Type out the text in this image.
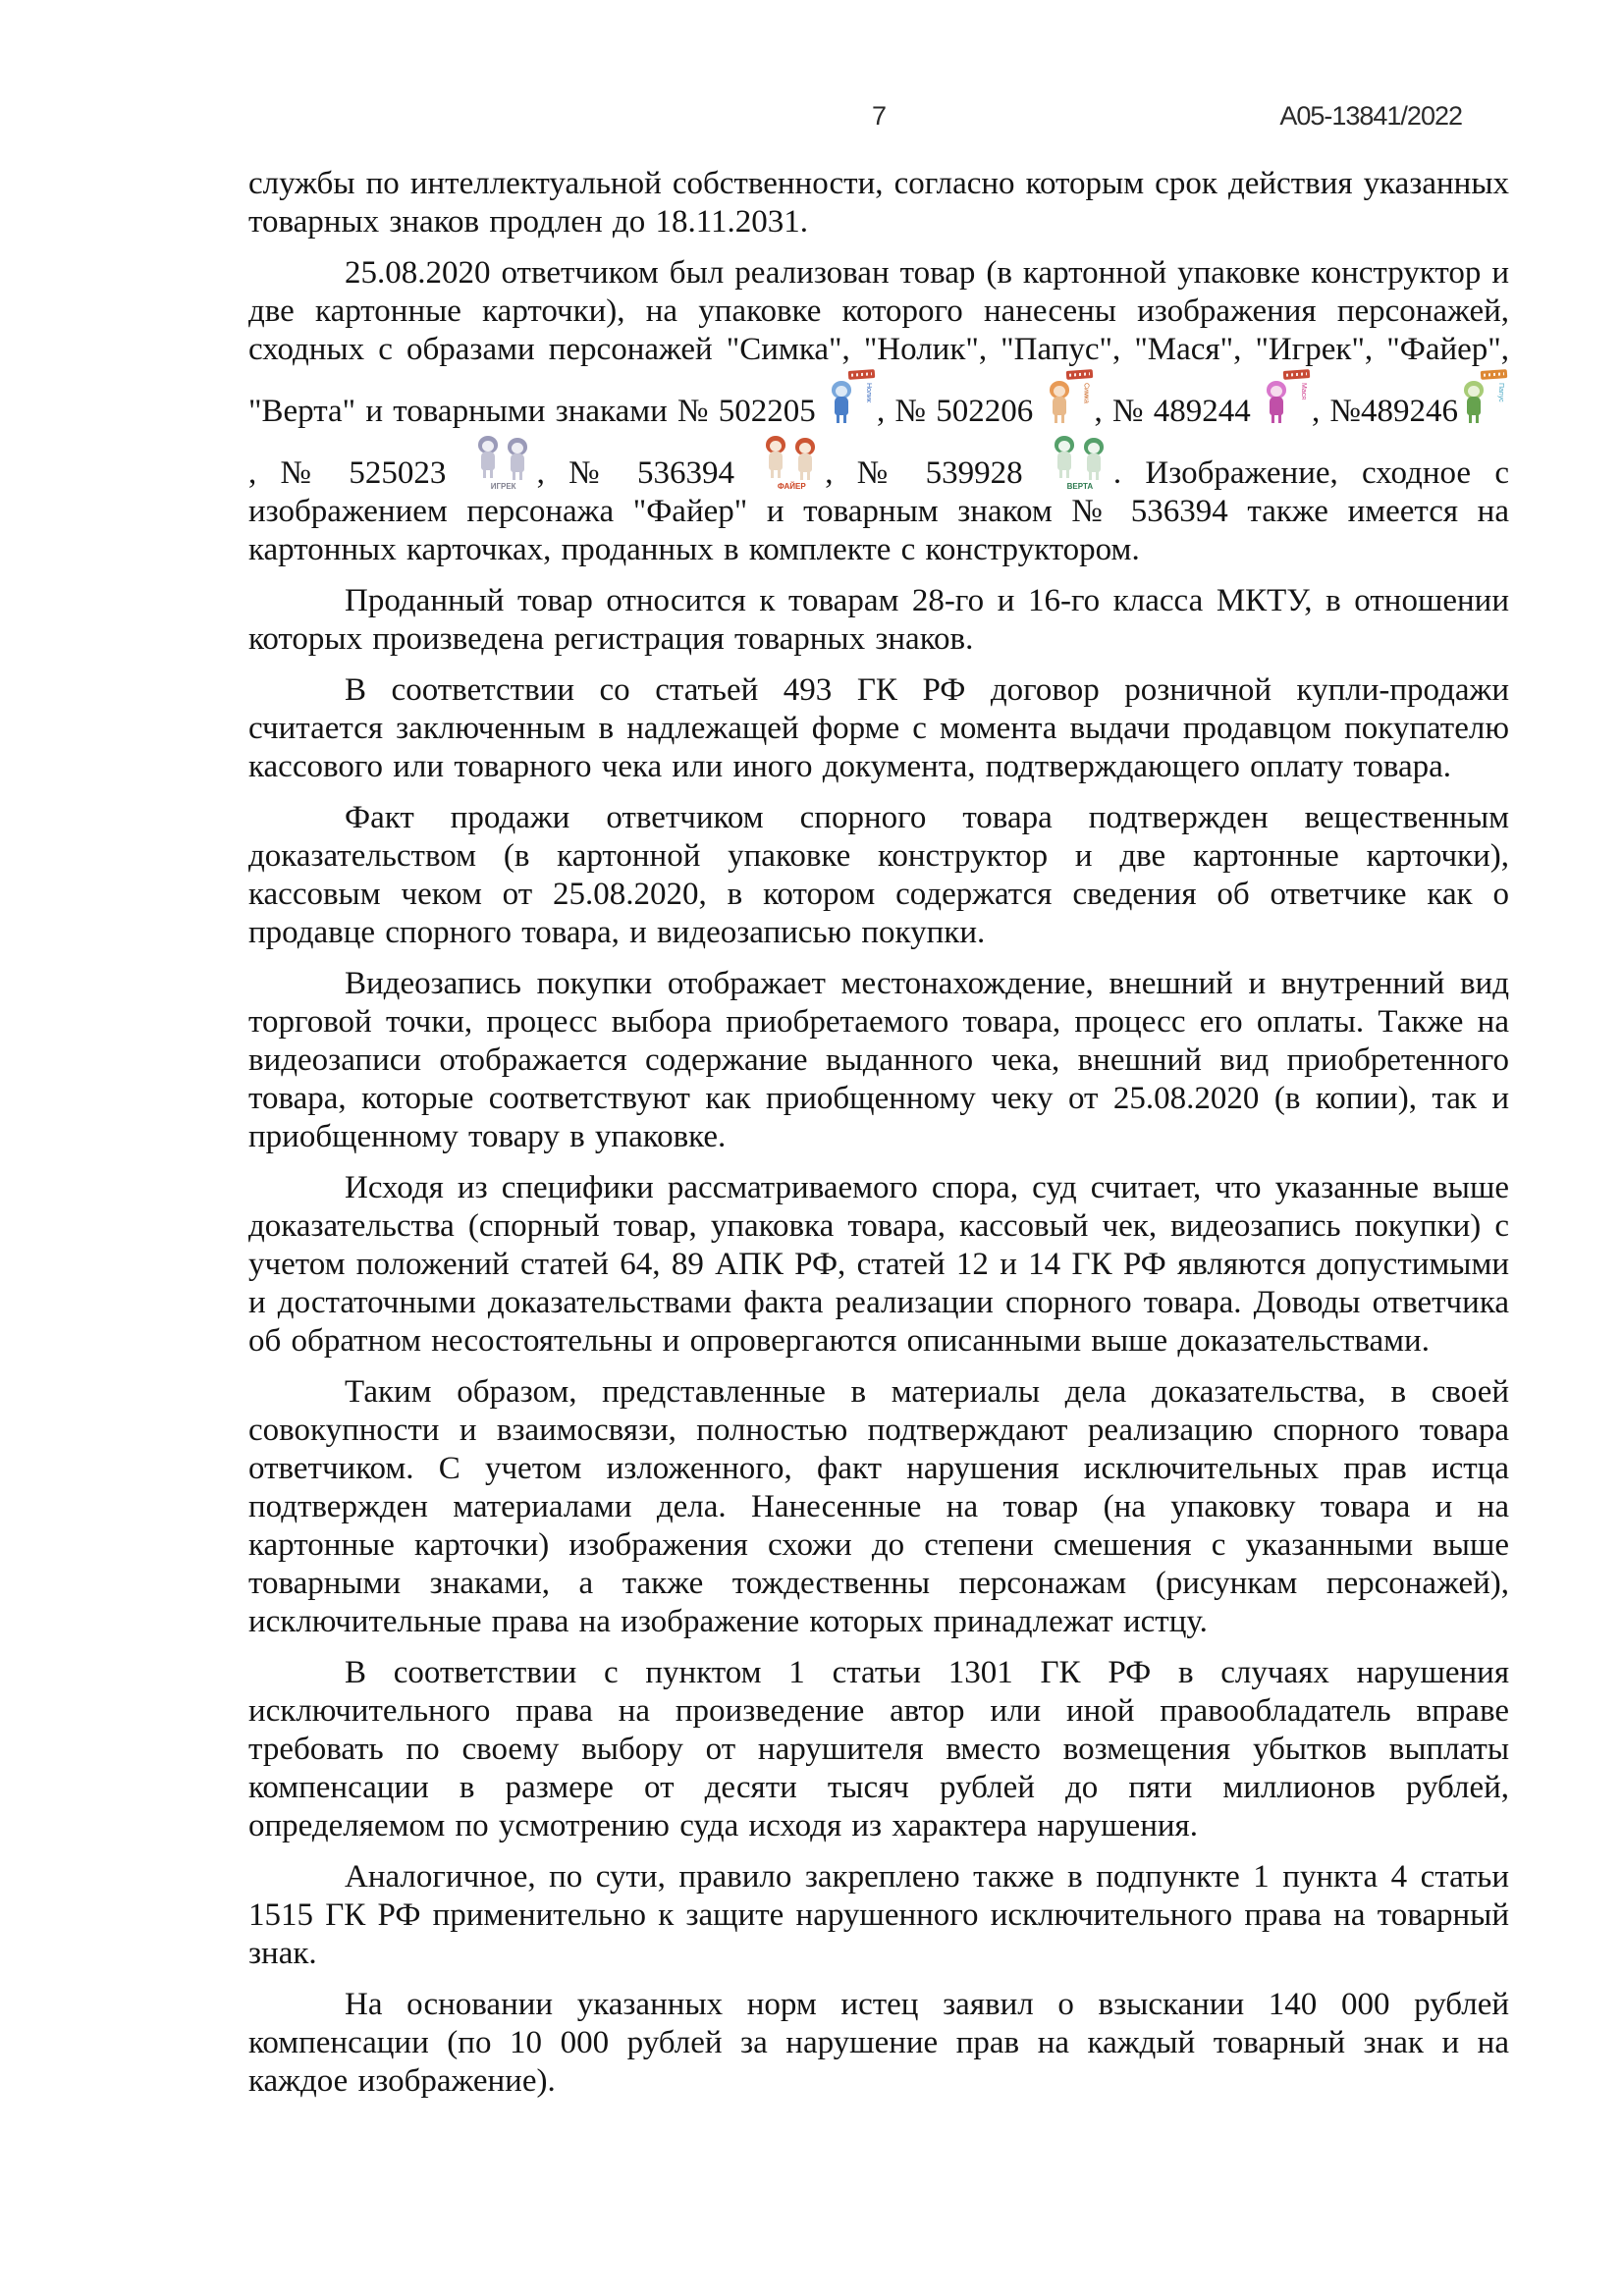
7	А05-13841/2022

службы по интеллектуальной собственности, согласно которым срок действия указанных товарных знаков продлен до 18.11.2031.

25.08.2020 ответчиком был реализован товар (в картонной упаковке конструктор и две картонные карточки), на упаковке которого нанесены изображения персонажей, сходных с образами персонажей "Симка", "Нолик", "Папус", "Мася", "Игрек", "Файер", "Верта" и товарными знаками № 502205
Нолик
, № 502206
Симка
, № 489244
Мася
, №489246
Папус
, № 525023	ИГРЕК , № 536394	ФАЙЕР , № 539928	ВЕРТА . Изображение, сходное с изображением персонажа "Файер" и товарным знаком № 536394 также имеется на картонных карточках, проданных в комплекте с конструктором.

Проданный товар относится к товарам 28-го и 16-го класса МКТУ, в отношении которых произведена регистрация товарных знаков.

В соответствии со статьей 493 ГК РФ договор розничной купли-продажи считается заключенным в надлежащей форме с момента выдачи продавцом покупателю кассового или товарного чека или иного документа, подтверждающего оплату товара.

Факт продажи ответчиком спорного товара подтвержден вещественным доказательством (в картонной упаковке конструктор и две картонные карточки), кассовым чеком от 25.08.2020, в котором содержатся сведения об ответчике как о продавце спорного товара, и видеозаписью покупки.

Видеозапись покупки отображает местонахождение, внешний и внутренний вид торговой точки, процесс выбора приобретаемого товара, процесс его оплаты. Также на видеозаписи отображается содержание выданного чека, внешний вид приобретенного товара, которые соответствуют как приобщенному чеку от 25.08.2020 (в копии), так и приобщенному товару в упаковке.

Исходя из специфики рассматриваемого спора, суд считает, что указанные выше доказательства (спорный товар, упаковка товара, кассовый чек, видеозапись покупки) с учетом положений статей 64, 89 АПК РФ, статей 12 и 14 ГК РФ являются допустимыми и достаточными доказательствами факта реализации спорного товара. Доводы ответчика об обратном несостоятельны и опровергаются описанными выше доказательствами.

Таким образом, представленные в материалы дела доказательства, в своей совокупности и взаимосвязи, полностью подтверждают реализацию спорного товара ответчиком. С учетом изложенного, факт нарушения исключительных прав истца подтвержден материалами дела. Нанесенные на товар (на упаковку товара и на картонные карточки) изображения схожи до степени смешения с указанными выше товарными знаками, а также тождественны персонажам (рисункам персонажей), исключительные права на изображение которых принадлежат истцу.

В соответствии с пунктом 1 статьи 1301 ГК РФ в случаях нарушения исключительного права на произведение автор или иной правообладатель вправе требовать по своему выбору от нарушителя вместо возмещения убытков выплаты компенсации в размере от десяти тысяч рублей до пяти миллионов рублей, определяемом по усмотрению суда исходя из характера нарушения.

Аналогичное, по сути, правило закреплено также в подпункте 1 пункта 4 статьи 1515 ГК РФ применительно к защите нарушенного исключительного права на товарный знак.

На основании указанных норм истец заявил о взыскании 140 000 рублей компенсации (по 10 000 рублей за нарушение прав на каждый товарный знак и на каждое изображение).
